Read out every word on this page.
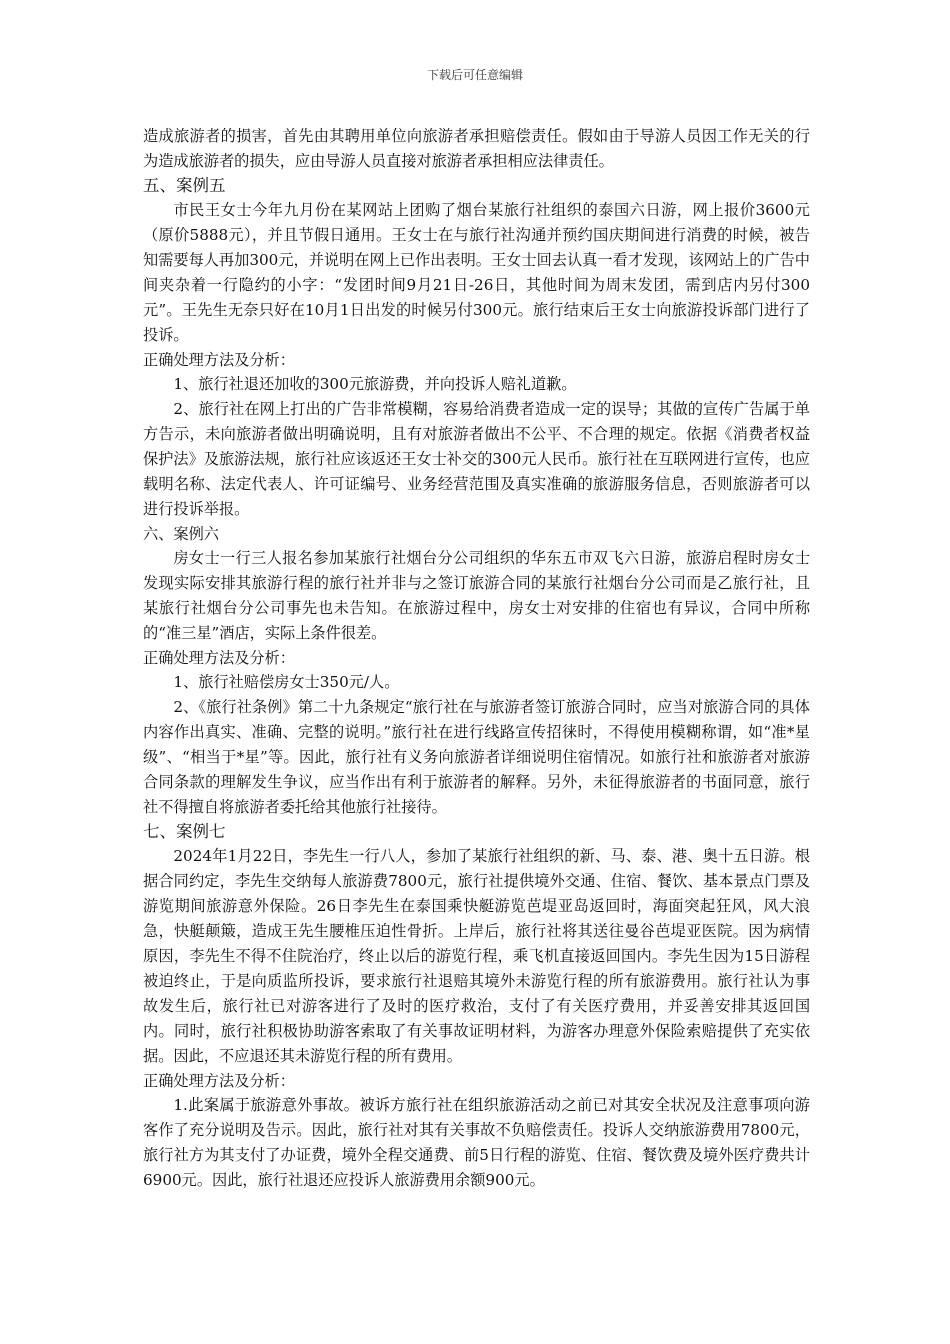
下载后可任意编辑

造成旅游者的损害，首先由其聘用单位向旅游者承担赔偿责任。假如由于导游人员因工作无关的行为造成旅游者的损失，应由导游人员直接对旅游者承担相应法律责任。

五、案例五

市民王女士今年九月份在某网站上团购了烟台某旅行社组织的泰国六日游，网上报价3600元（原价5888元），并且节假日通用。王女士在与旅行社沟通并预约国庆期间进行消费的时候，被告知需要每人再加300元，并说明在网上已作出表明。王女士回去认真一看才发现，该网站上的广告中间夹杂着一行隐约的小字：“发团时间9月21日-26日，其他时间为周末发团，需到店内另付300元”。王先生无奈只好在10月1日出发的时候另付300元。旅行结束后王女士向旅游投诉部门进行了投诉。

正确处理方法及分析：

1、旅行社退还加收的300元旅游费，并向投诉人赔礼道歉。

2、旅行社在网上打出的广告非常模糊，容易给消费者造成一定的误导；其做的宣传广告属于单方告示，未向旅游者做出明确说明，且有对旅游者做出不公平、不合理的规定。依据《消费者权益保护法》及旅游法规，旅行社应该返还王女士补交的300元人民币。旅行社在互联网进行宣传，也应载明名称、法定代表人、许可证编号、业务经营范围及真实准确的旅游服务信息，否则旅游者可以进行投诉举报。

六、案例六

房女士一行三人报名参加某旅行社烟台分公司组织的华东五市双飞六日游，旅游启程时房女士发现实际安排其旅游行程的旅行社并非与之签订旅游合同的某旅行社烟台分公司而是乙旅行社，且某旅行社烟台分公司事先也未告知。在旅游过程中，房女士对安排的住宿也有异议，合同中所称的“准三星”酒店，实际上条件很差。

正确处理方法及分析：

1、旅行社赔偿房女士350元/人。

2、《旅行社条例》第二十九条规定“旅行社在与旅游者签订旅游合同时，应当对旅游合同的具体内容作出真实、准确、完整的说明。”旅行社在进行线路宣传招徕时，不得使用模糊称谓，如“准*星级”、“相当于*星”等。因此，旅行社有义务向旅游者详细说明住宿情况。如旅行社和旅游者对旅游合同条款的理解发生争议，应当作出有利于旅游者的解释。另外，未征得旅游者的书面同意，旅行社不得擅自将旅游者委托给其他旅行社接待。

七、案例七

2024年1月22日，李先生一行八人，参加了某旅行社组织的新、马、泰、港、奥十五日游。根据合同约定，李先生交纳每人旅游费7800元，旅行社提供境外交通、住宿、餐饮、基本景点门票及游览期间旅游意外保险。26日李先生在泰国乘快艇游览芭堤亚岛返回时，海面突起狂风，风大浪急，快艇颠簸，造成王先生腰椎压迫性骨折。上岸后，旅行社将其送往曼谷芭堤亚医院。因为病情原因，李先生不得不住院治疗，终止以后的游览行程，乘飞机直接返回国内。李先生因为15日游程被迫终止，于是向质监所投诉，要求旅行社退赔其境外未游览行程的所有旅游费用。旅行社认为事故发生后，旅行社已对游客进行了及时的医疗救治，支付了有关医疗费用，并妥善安排其返回国内。同时，旅行社积极协助游客索取了有关事故证明材料，为游客办理意外保险索赔提供了充实依据。因此，不应退还其未游览行程的所有费用。

正确处理方法及分析：

1.此案属于旅游意外事故。被诉方旅行社在组织旅游活动之前已对其安全状况及注意事项向游客作了充分说明及告示。因此，旅行社对其有关事故不负赔偿责任。投诉人交纳旅游费用7800元，旅行社方为其支付了办证费，境外全程交通费、前5日行程的游览、住宿、餐饮费及境外医疗费共计6900元。因此，旅行社退还应投诉人旅游费用余额900元。
